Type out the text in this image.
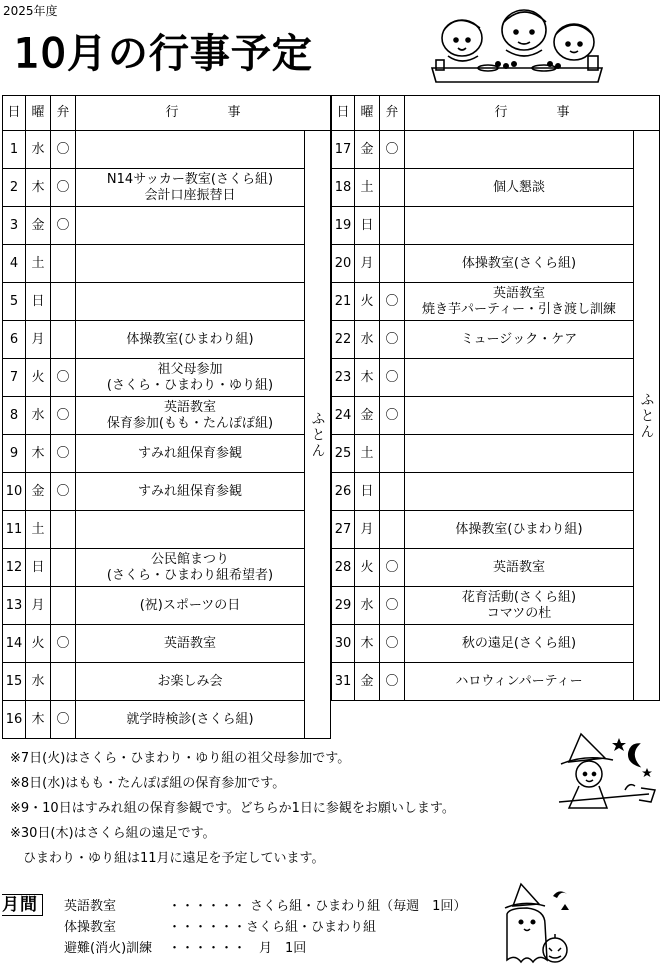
2025年度
10月の行事予定
日	曜	弁	行 事	
1	水	〇		ふとん
2	木	〇	N14サッカー教室(さくら組)
会計口座振替日	
3	金	〇		
4	土			
5	日			
6	月		体操教室(ひまわり組)	
7	火	〇	祖父母参加
(さくら・ひまわり・ゆり組)	
8	水	〇	英語教室
保育参加(もも・たんぽぽ組)	
9	木	〇	すみれ組保育参観	
10	金	〇	すみれ組保育参観	
11	土			
12	日		公民館まつり
(さくら・ひまわり組希望者)	
13	月		(祝)スポーツの日	
14	火	〇	英語教室	
15	水		お楽しみ会	
16	木	〇	就学時検診(さくら組)	
日	曜	弁	行 事	
17	金	〇		ふとん
18	土		個人懇談	
19	日			
20	月		体操教室(さくら組)	
21	火	〇	英語教室
焼き芋パーティー・引き渡し訓練	
22	水	〇	ミュージック・ケア	
23	木	〇		
24	金	〇		
25	土			
26	日			
27	月		体操教室(ひまわり組)	
28	火	〇	英語教室	
29	水	〇	花育活動(さくら組)
コマツの杜	
30	木	〇	秋の遠足(さくら組)	
31	金	〇	ハロウィンパーティー	
※7日(火)はさくら・ひまわり・ゆり組の祖父母参加です。
※8日(水)はもも・たんぽぽ組の保育参加です。
※9・10日はすみれ組の保育参観です。どちらか1日に参観をお願いします。
※30日(木)はさくら組の遠足です。
　ひまわり・ゆり組は11月に遠足を予定しています。
月間	英語教室	・・・・・・ さくら組・ひまわり組（毎週　1回）
体操教室	・・・・・・さくら組・ひまわり組
避難(消火)訓練 ・・・・・・　月　1回
